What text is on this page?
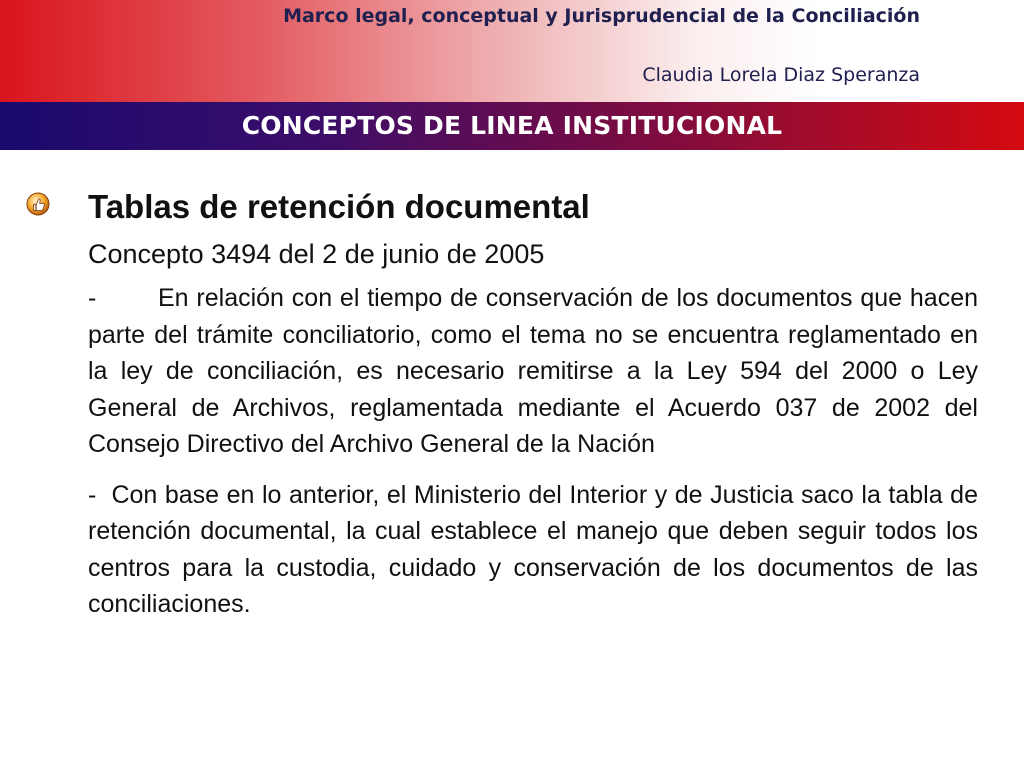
Marco legal, conceptual y Jurisprudencial de la Conciliación

Claudia Lorela Diaz Speranza

CONCEPTOS DE LINEA INSTITUCIONAL

Tablas de retención documental

Concepto 3494 del 2 de junio de 2005

- En relación con el tiempo de conservación de los documentos que hacen parte del trámite conciliatorio, como el tema no se encuentra reglamentado en la ley de conciliación, es necesario remitirse a la Ley 594 del 2000 o Ley General de Archivos, reglamentada mediante el Acuerdo 037 de 2002 del Consejo Directivo del Archivo General de la Nación

- Con base en lo anterior, el Ministerio del Interior y de Justicia saco la tabla de retención documental, la cual establece el manejo que deben seguir todos los centros para la custodia, cuidado y conservación de los documentos de las conciliaciones.
